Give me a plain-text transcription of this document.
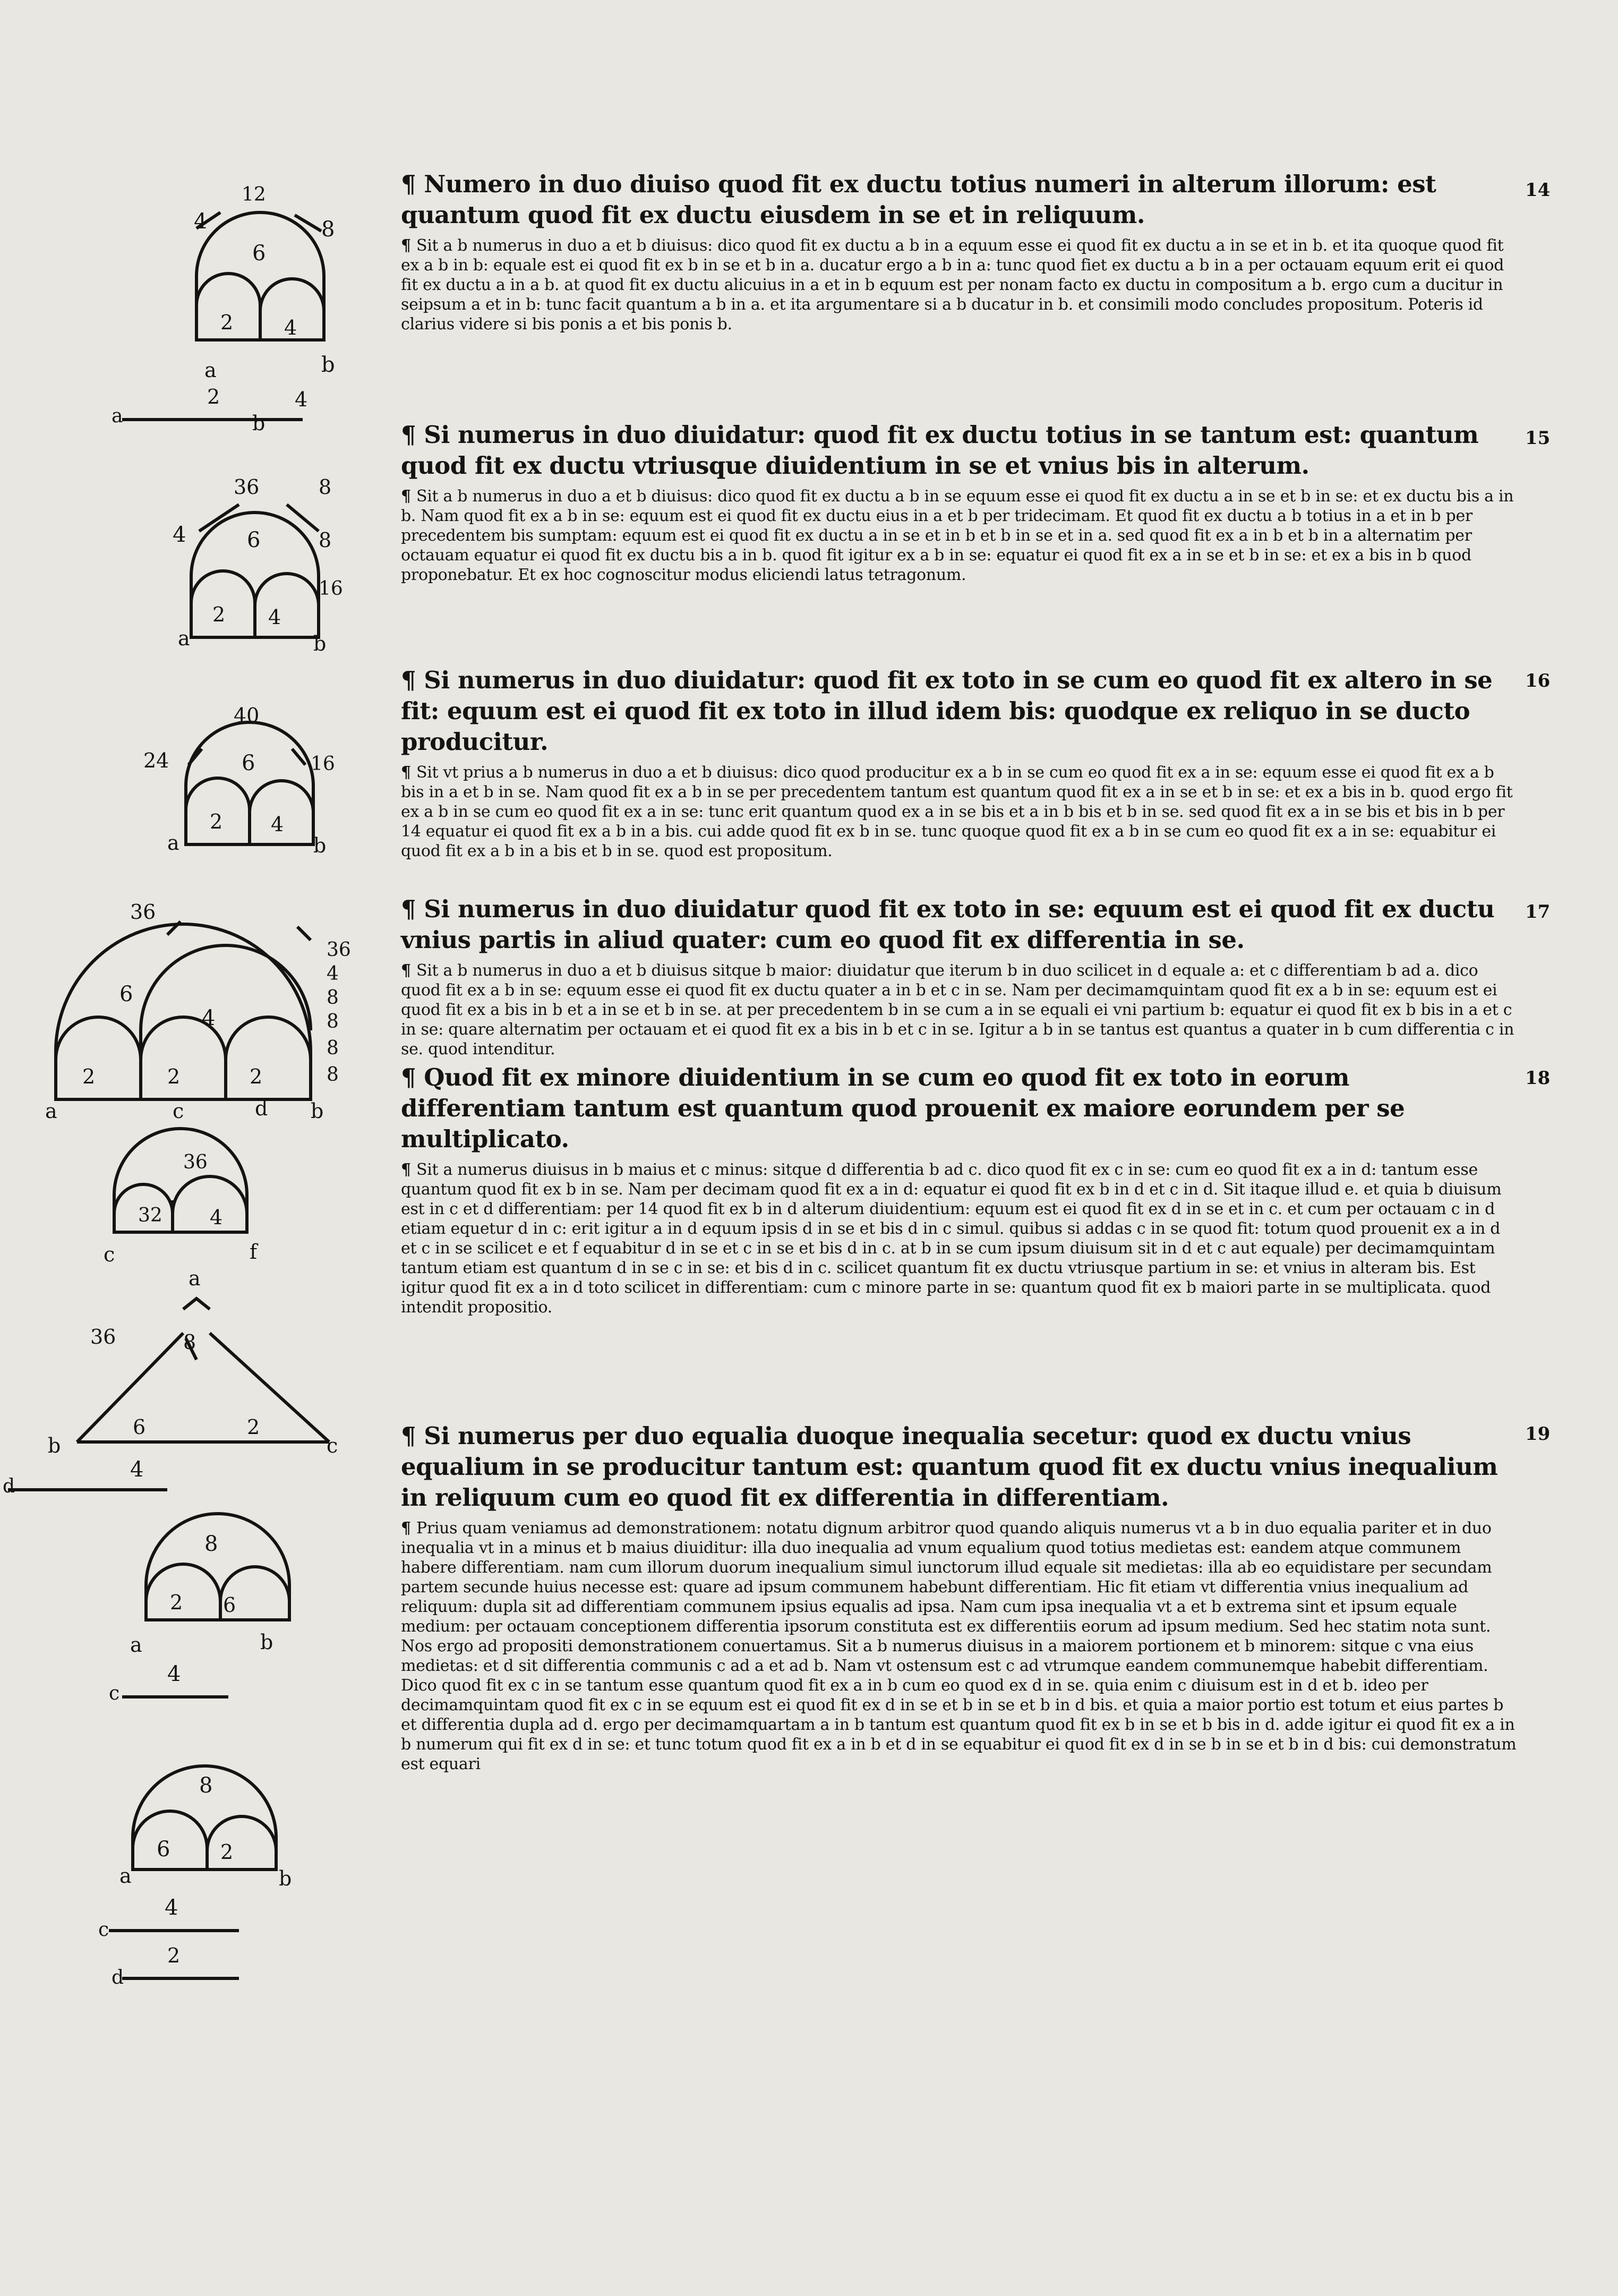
12
4	8
6
2	4
a	b
2	4
a	b
36	8
4	6	8
16
2 4
a	b
40
24	6	16
2 4
a	b
36
36
6
4
2	2	2
4
8
8
8
8
a	c	d b
36
32 4
c	f
a
36	8
6	2
b	c
4
d
8
2 6
a	b
4
c
8
6 2
a	b
4
c
2
d

¶ Numero in duo diuiso quod fit ex ductu totius numeri in alterum illorum: est quantum quod fit ex ductu eiusdem in se et in reliquum.

¶ Sit a b numerus in duo a et b diuisus: dico quod fit ex ductu a b in a equum esse ei quod fit ex ductu a in se et in b. et ita quoque quod fit ex a b in b: equale est ei quod fit ex b in se et b in a. ducatur ergo a b in a: tunc quod fiet ex ductu a b in a per octauam equum erit ei quod fit ex ductu a in a b. at quod fit ex ductu alicuius in a et in b equum est per nonam facto ex ductu in compositum a b. ergo cum a ducitur in seipsum a et in b: tunc facit quantum a b in a. et ita argumentare si a b ducatur in b. et consimili modo concludes propositum. Poteris id clarius videre si bis ponis a et bis ponis b.

14

¶ Si numerus in duo diuidatur: quod fit ex ductu totius in se tantum est: quantum quod fit ex ductu vtriusque diuidentium in se et vnius bis in alterum.

¶ Sit a b numerus in duo a et b diuisus: dico quod fit ex ductu a b in se equum esse ei quod fit ex ductu a in se et b in se: et ex ductu bis a in b. Nam quod fit ex a b in se: equum est ei quod fit ex ductu eius in a et b per tridecimam. Et quod fit ex ductu a b totius in a et in b per precedentem bis sumptam: equum est ei quod fit ex ductu a in se et in b et b in se et in a. sed quod fit ex a in b et b in a alternatim per octauam equatur ei quod fit ex ductu bis a in b. quod fit igitur ex a b in se: equatur ei quod fit ex a in se et b in se: et ex a bis in b quod proponebatur. Et ex hoc cognoscitur modus eliciendi latus tetragonum.

15

¶ Si numerus in duo diuidatur: quod fit ex toto in se cum eo quod fit ex altero in se fit: equum est ei quod fit ex toto in illud idem bis: quodque ex reliquo in se ducto producitur.

¶ Sit vt prius a b numerus in duo a et b diuisus: dico quod producitur ex a b in se cum eo quod fit ex a in se: equum esse ei quod fit ex a b bis in a et b in se. Nam quod fit ex a b in se per precedentem tantum est quantum quod fit ex a in se et b in se: et ex a bis in b. quod ergo fit ex a b in se cum eo quod fit ex a in se: tunc erit quantum quod ex a in se bis et a in b bis et b in se. sed quod fit ex a in se bis et bis in b per 14 equatur ei quod fit ex a b in a bis. cui adde quod fit ex b in se. tunc quoque quod fit ex a b in se cum eo quod fit ex a in se: equabitur ei quod fit ex a b in a bis et b in se. quod est propositum.

16

¶ Si numerus in duo diuidatur quod fit ex toto in se: equum est ei quod fit ex ductu vnius partis in aliud quater: cum eo quod fit ex differentia in se.

¶ Sit a b numerus in duo a et b diuisus sitque b maior: diuidatur que iterum b in duo scilicet in d equale a: et c differentiam b ad a. dico quod fit ex a b in se: equum esse ei quod fit ex ductu quater a in b et c in se. Nam per decimamquintam quod fit ex a b in se: equum est ei quod fit ex a bis in b et a in se et b in se. at per precedentem b in se cum a in se equali ei vni partium b: equatur ei quod fit ex b bis in a et c in se: quare alternatim per octauam et ei quod fit ex a bis in b et c in se. Igitur a b in se tantus est quantus a quater in b cum differentia c in se. quod intenditur.

17

¶ Quod fit ex minore diuidentium in se cum eo quod fit ex toto in eorum differentiam tantum est quantum quod prouenit ex maiore eorundem per se multiplicato.

¶ Sit a numerus diuisus in b maius et c minus: sitque d differentia b ad c. dico quod fit ex c in se: cum eo quod fit ex a in d: tantum esse quantum quod fit ex b in se. Nam per decimam quod fit ex a in d: equatur ei quod fit ex b in d et c in d. Sit itaque illud e. et quia b diuisum est in c et d differentiam: per 14 quod fit ex b in d alterum diuidentium: equum est ei quod fit ex d in se et in c. et cum per octauam c in d etiam equetur d in c: erit igitur a in d equum ipsis d in se et bis d in c simul. quibus si addas c in se quod fit: totum quod prouenit ex a in d et c in se scilicet e et f equabitur d in se et c in se et bis d in c. at b in se cum ipsum diuisum sit in d et c aut equale) per decimamquintam tantum etiam est quantum d in se c in se: et bis d in c. scilicet quantum fit ex ductu vtriusque partium in se: et vnius in alteram bis. Est igitur quod fit ex a in d toto scilicet in differentiam: cum c minore parte in se: quantum quod fit ex b maiori parte in se multiplicata. quod intendit propositio.

18

¶ Si numerus per duo equalia duoque inequalia secetur: quod ex ductu vnius equalium in se producitur tantum est: quantum quod fit ex ductu vnius inequalium in reliquum cum eo quod fit ex differentia in differentiam.

¶ Prius quam veniamus ad demonstrationem: notatu dignum arbitror quod quando aliquis numerus vt a b in duo equalia pariter et in duo inequalia vt in a minus et b maius diuiditur: illa duo inequalia ad vnum equalium quod totius medietas est: eandem atque communem habere differentiam. nam cum illorum duorum inequalium simul iunctorum illud equale sit medietas: illa ab eo equidistare per secundam partem secunde huius necesse est: quare ad ipsum communem habebunt differentiam. Hic fit etiam vt differentia vnius inequalium ad reliquum: dupla sit ad differentiam communem ipsius equalis ad ipsa. Nam cum ipsa inequalia vt a et b extrema sint et ipsum equale medium: per octauam conceptionem differentia ipsorum constituta est ex differentiis eorum ad ipsum medium. Sed hec statim nota sunt. Nos ergo ad propositi demonstrationem conuertamus. Sit a b numerus diuisus in a maiorem portionem et b minorem: sitque c vna eius medietas: et d sit differentia communis c ad a et ad b. Nam vt ostensum est c ad vtrumque eandem communemque habebit differentiam. Dico quod fit ex c in se tantum esse quantum quod fit ex a in b cum eo quod ex d in se. quia enim c diuisum est in d et b. ideo per decimamquintam quod fit ex c in se equum est ei quod fit ex d in se et b in se et b in d bis. et quia a maior portio est totum et eius partes b et differentia dupla ad d. ergo per decimamquartam a in b tantum est quantum quod fit ex b in se et b bis in d. adde igitur ei quod fit ex a in b numerum qui fit ex d in se: et tunc totum quod fit ex a in b et d in se equabitur ei quod fit ex d in se b in se et b in d bis: cui demonstratum est equari

19
